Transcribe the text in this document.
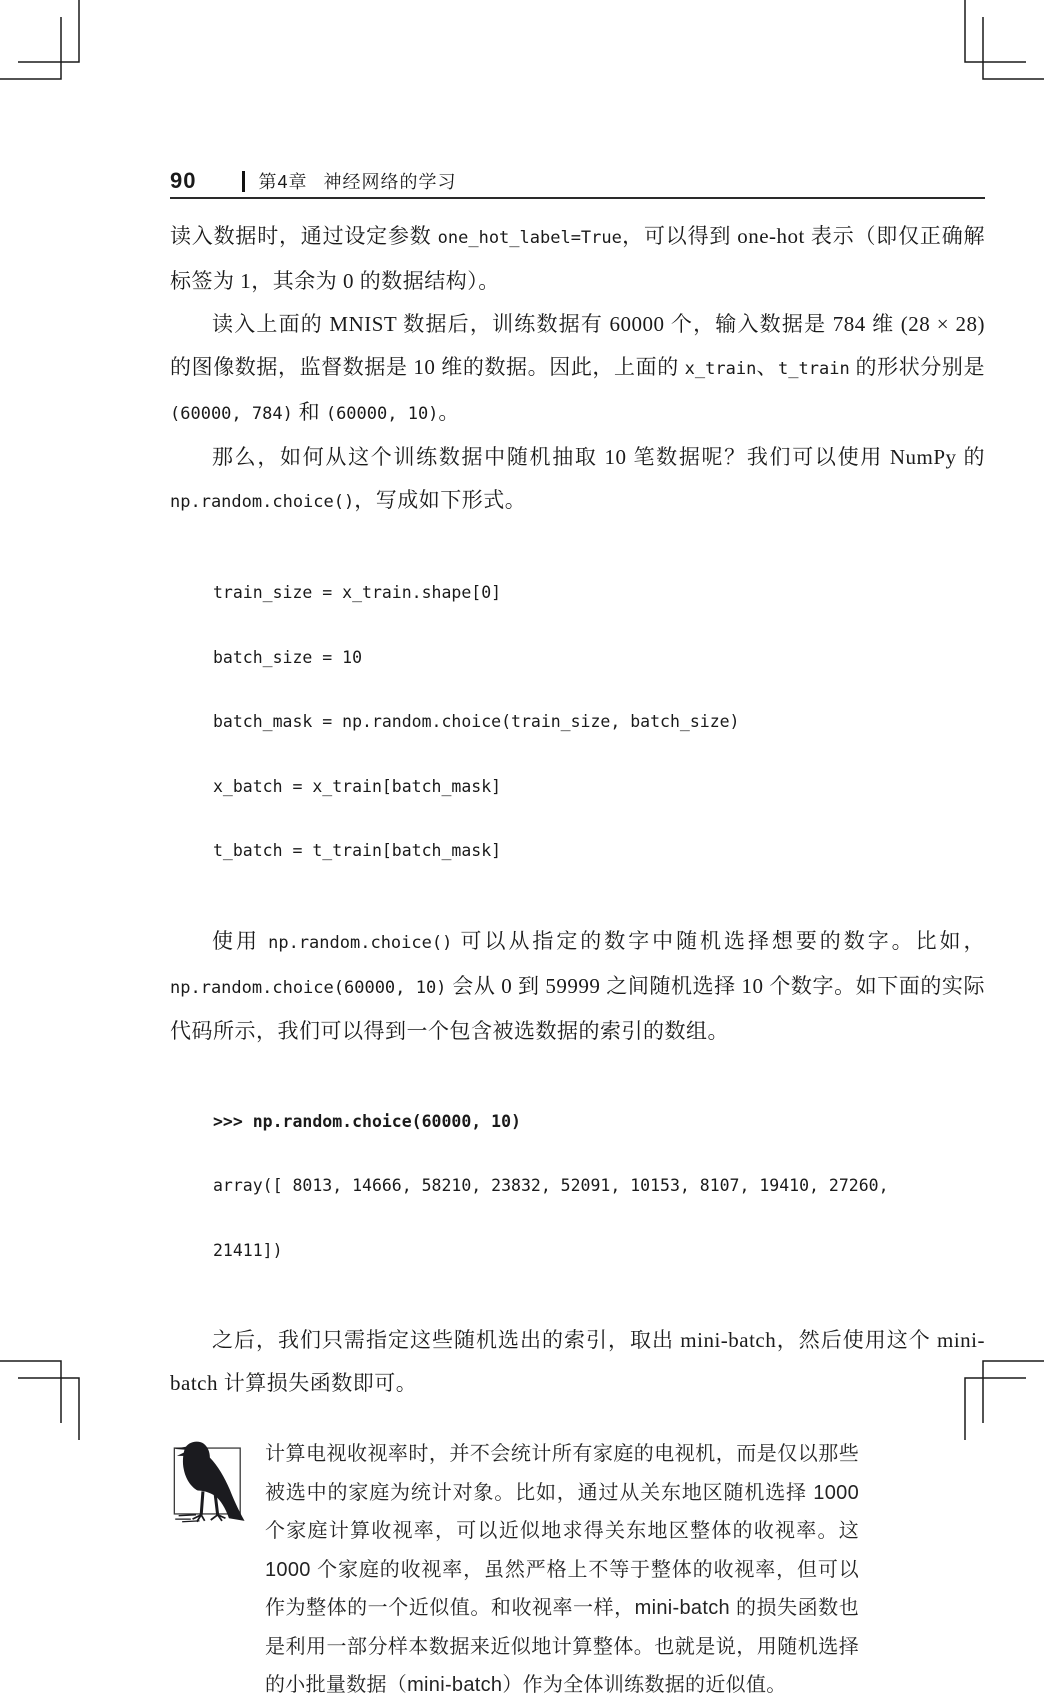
90	第4章 神经网络的学习

读入数据时，通过设定参数 one_hot_label=True，可以得到 one-hot 表示（即仅正确解标签为 1，其余为 0 的数据结构）。

读入上面的 MNIST 数据后，训练数据有 60000 个，输入数据是 784 维 (28 × 28) 的图像数据，监督数据是 10 维的数据。因此，上面的 x_train、t_train 的形状分别是 (60000, 784) 和 (60000, 10)。

那么，如何从这个训练数据中随机抽取 10 笔数据呢？我们可以使用 NumPy 的 np.random.choice()，写成如下形式。

train_size = x_train.shape[0]

batch_size = 10

batch_mask = np.random.choice(train_size, batch_size)

x_batch = x_train[batch_mask]

t_batch = t_train[batch_mask]

使用 np.random.choice() 可以从指定的数字中随机选择想要的数字。比如，np.random.choice(60000, 10) 会从 0 到 59999 之间随机选择 10 个数字。如下面的实际代码所示，我们可以得到一个包含被选数据的索引的数组。

>>> np.random.choice(60000, 10)

array([ 8013, 14666, 58210, 23832, 52091, 10153, 8107, 19410, 27260,

21411])

之后，我们只需指定这些随机选出的索引，取出 mini-batch，然后使用这个 mini-batch 计算损失函数即可。

计算电视收视率时，并不会统计所有家庭的电视机，而是仅以那些被选中的家庭为统计对象。比如，通过从关东地区随机选择 1000 个家庭计算收视率，可以近似地求得关东地区整体的收视率。这 1000 个家庭的收视率，虽然严格上不等于整体的收视率，但可以作为整体的一个近似值。和收视率一样，mini-batch 的损失函数也是利用一部分样本数据来近似地计算整体。也就是说，用随机选择的小批量数据（mini-batch）作为全体训练数据的近似值。
